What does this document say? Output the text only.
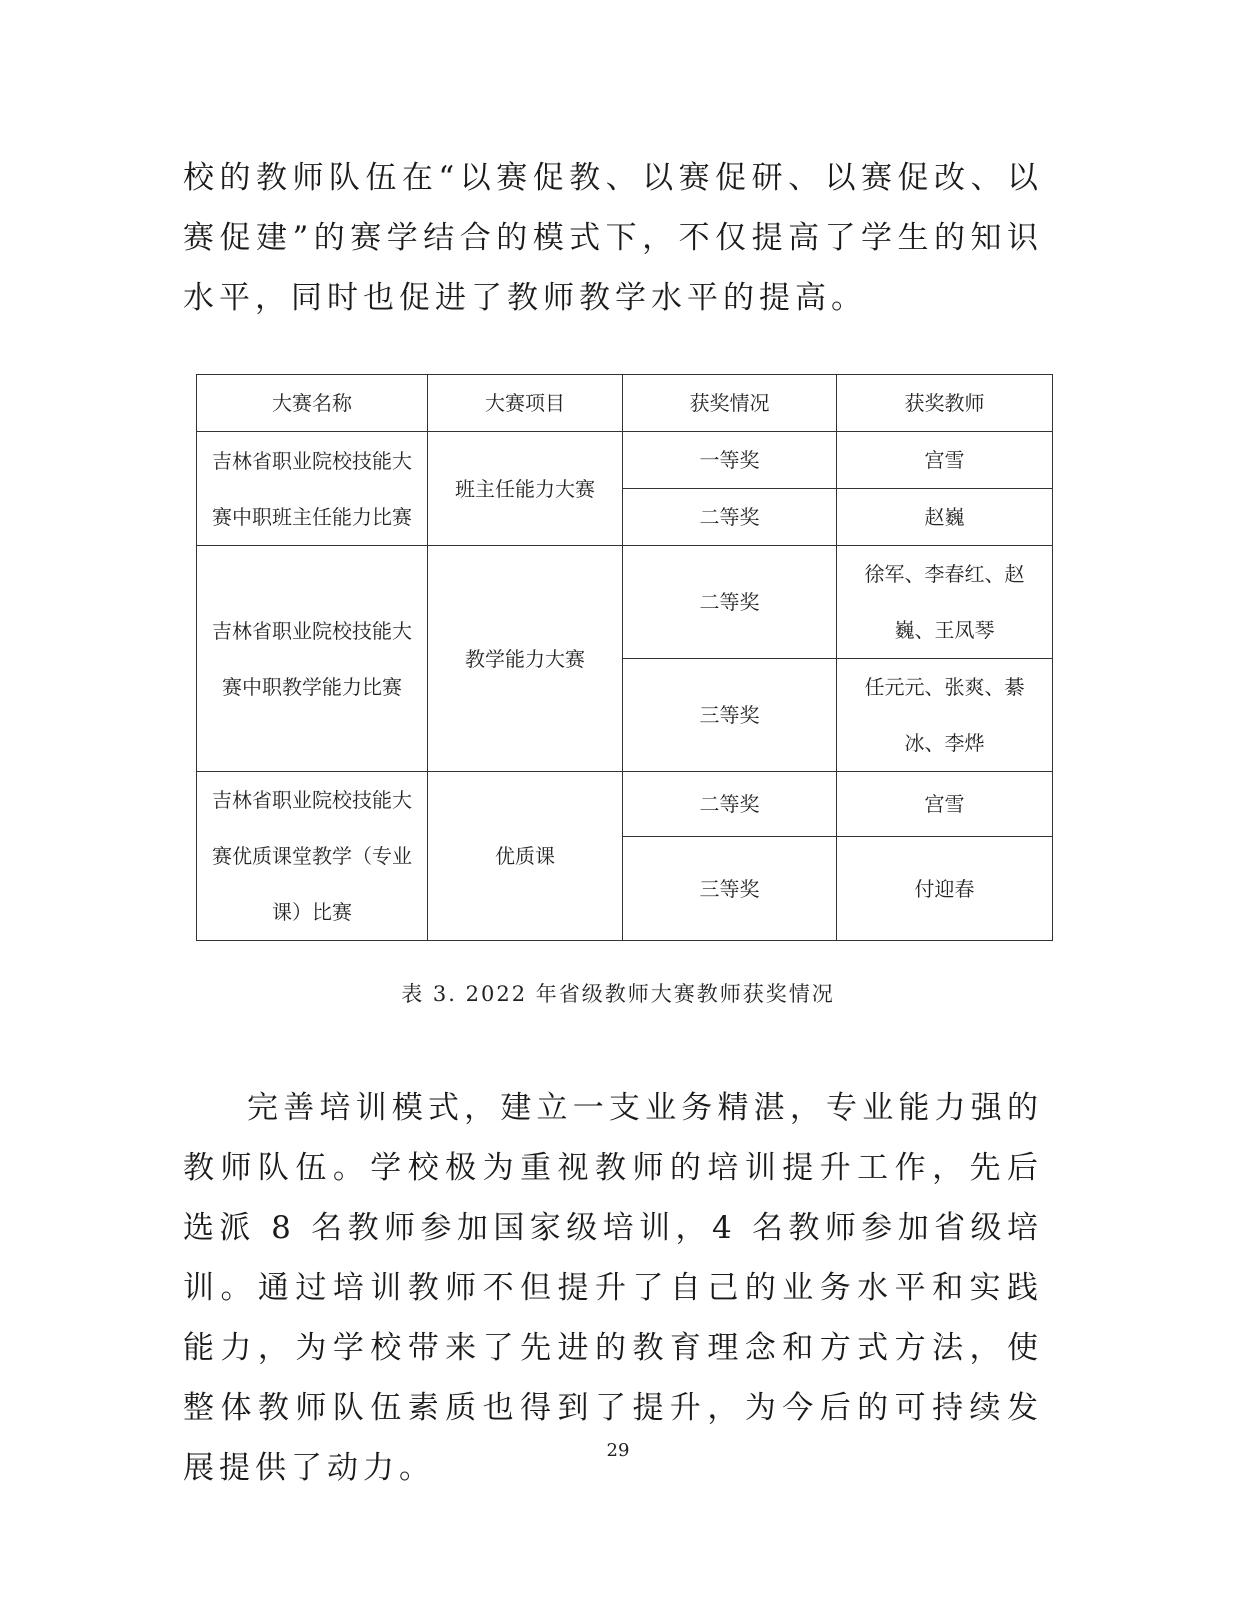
校的教师队伍在“以赛促教、以赛促研、以赛促改、以赛促建”的赛学结合的模式下，不仅提高了学生的知识水平，同时也促进了教师教学水平的提高。

大赛名称	大赛项目	获奖情况	获奖教师
吉林省职业院校技能大赛中职班主任能力比赛	班主任能力大赛	一等奖	宫雪
		二等奖	赵巍
吉林省职业院校技能大赛中职教学能力比赛	教学能力大赛	二等奖	徐军、李春红、赵巍、王凤琴
		三等奖	任元元、张爽、綦冰、李烨
吉林省职业院校技能大赛优质课堂教学（专业课）比赛	优质课	二等奖	宫雪
		三等奖	付迎春
表 3. 2022 年省级教师大赛教师获奖情况

完善培训模式，建立一支业务精湛，专业能力强的教师队伍。学校极为重视教师的培训提升工作，先后选派 8 名教师参加国家级培训，4 名教师参加省级培训。通过培训教师不但提升了自己的业务水平和实践能力，为学校带来了先进的教育理念和方式方法，使整体教师队伍素质也得到了提升，为今后的可持续发展提供了动力。	29
